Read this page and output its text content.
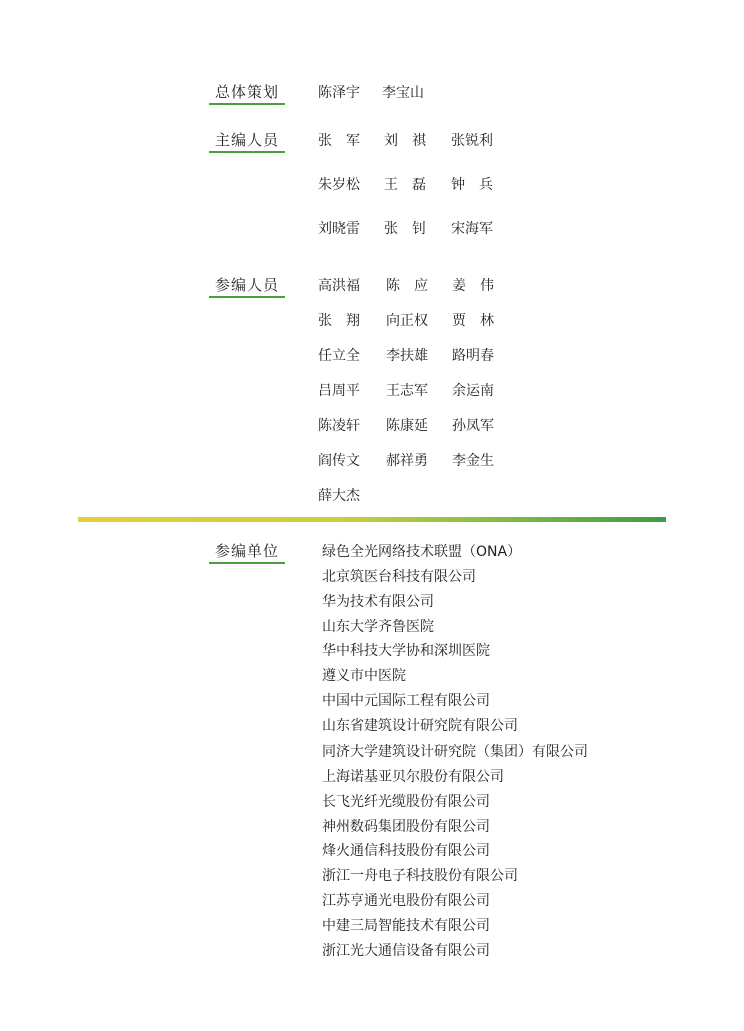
总体策划	陈泽宇 李宝山
主编人员	张　军 刘　祺 张锐利
朱岁松 王　磊 钟　兵
刘晓雷 张　钊 宋海军
参编人员	高洪福 陈　应 姜　伟
张　翔 向正权 贾　林
任立全 李扶雄 路明春
吕周平 王志军 余运南
陈凌轩 陈康延 孙凤军
阎传文 郝祥勇 李金生
薛大杰
参编单位	绿色全光网络技术联盟（ONA）
北京筑医台科技有限公司
华为技术有限公司
山东大学齐鲁医院
华中科技大学协和深圳医院
遵义市中医院
中国中元国际工程有限公司
山东省建筑设计研究院有限公司
同济大学建筑设计研究院（集团）有限公司
上海诺基亚贝尔股份有限公司
长飞光纤光缆股份有限公司
神州数码集团股份有限公司
烽火通信科技股份有限公司
浙江一舟电子科技股份有限公司
江苏亨通光电股份有限公司
中建三局智能技术有限公司
浙江光大通信设备有限公司
